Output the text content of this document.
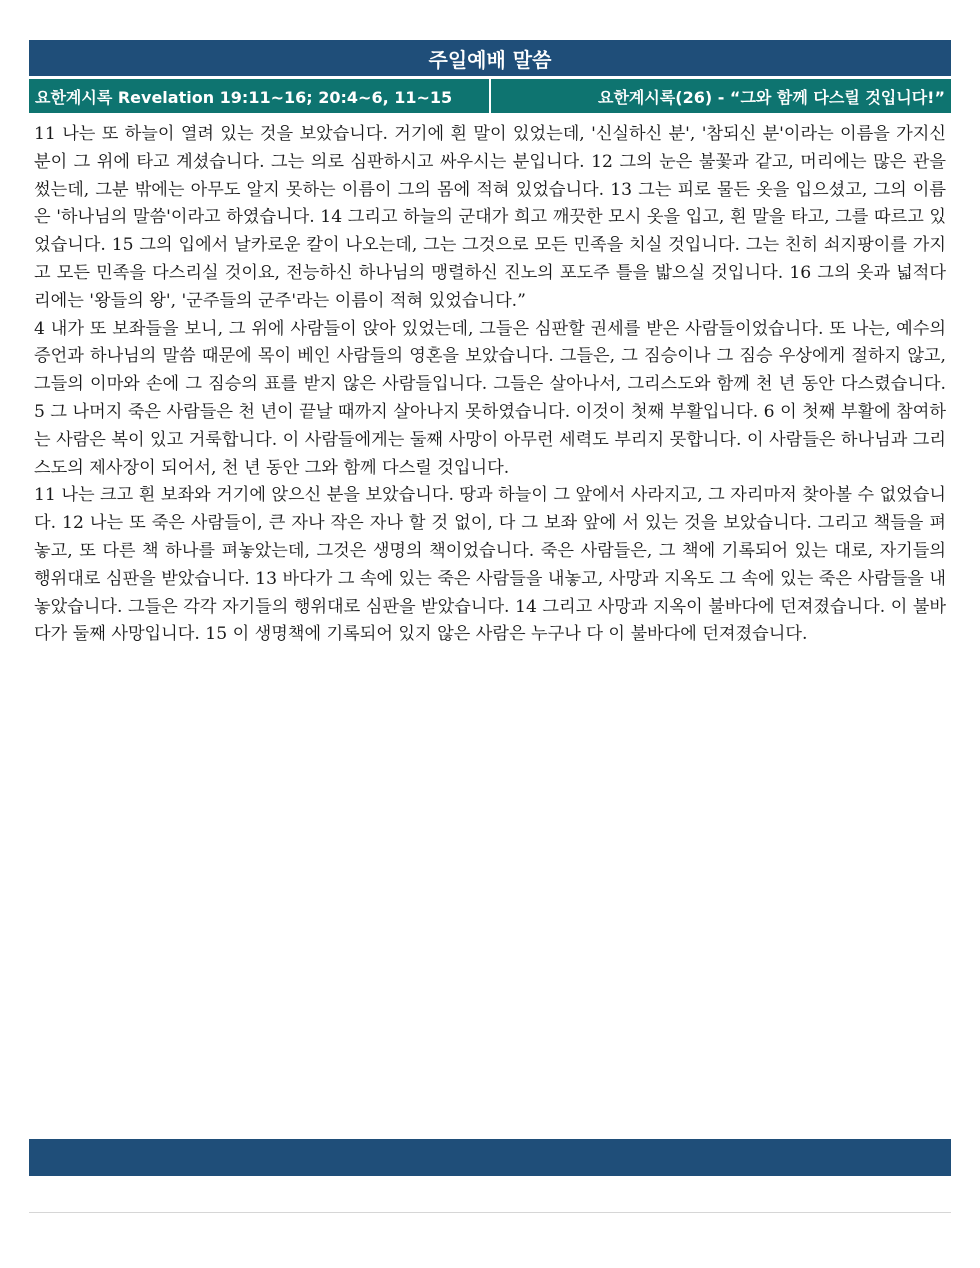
주일예배 말씀
요한계시록 Revelation 19:11~16; 20:4~6, 11~15	요한계시록(26) - “그와 함께 다스릴 것입니다!”

11 나는 또 하늘이 열려 있는 것을 보았습니다. 거기에 흰 말이 있었는데, '신실하신 분', '참되신 분'이라는 이름을 가지신 분이 그 위에 타고 계셨습니다. 그는 의로 심판하시고 싸우시는 분입니다. 12 그의 눈은 불꽃과 같고, 머리에는 많은 관을 썼는데, 그분 밖에는 아무도 알지 못하는 이름이 그의 몸에 적혀 있었습니다. 13 그는 피로 물든 옷을 입으셨고, 그의 이름은 '하나님의 말씀'이라고 하였습니다. 14 그리고 하늘의 군대가 희고 깨끗한 모시 옷을 입고, 흰 말을 타고, 그를 따르고 있었습니다. 15 그의 입에서 날카로운 칼이 나오는데, 그는 그것으로 모든 민족을 치실 것입니다. 그는 친히 쇠지팡이를 가지고 모든 민족을 다스리실 것이요, 전능하신 하나님의 맹렬하신 진노의 포도주 틀을 밟으실 것입니다. 16 그의 옷과 넓적다리에는 '왕들의 왕', '군주들의 군주'라는 이름이 적혀 있었습니다.”

4 내가 또 보좌들을 보니, 그 위에 사람들이 앉아 있었는데, 그들은 심판할 권세를 받은 사람들이었습니다. 또 나는, 예수의 증언과 하나님의 말씀 때문에 목이 베인 사람들의 영혼을 보았습니다. 그들은, 그 짐승이나 그 짐승 우상에게 절하지 않고, 그들의 이마와 손에 그 짐승의 표를 받지 않은 사람들입니다. 그들은 살아나서, 그리스도와 함께 천 년 동안 다스렸습니다. 5 그 나머지 죽은 사람들은 천 년이 끝날 때까지 살아나지 못하였습니다. 이것이 첫째 부활입니다. 6 이 첫째 부활에 참여하는 사람은 복이 있고 거룩합니다. 이 사람들에게는 둘째 사망이 아무런 세력도 부리지 못합니다. 이 사람들은 하나님과 그리스도의 제사장이 되어서, 천 년 동안 그와 함께 다스릴 것입니다.

11 나는 크고 흰 보좌와 거기에 앉으신 분을 보았습니다. 땅과 하늘이 그 앞에서 사라지고, 그 자리마저 찾아볼 수 없었습니다. 12 나는 또 죽은 사람들이, 큰 자나 작은 자나 할 것 없이, 다 그 보좌 앞에 서 있는 것을 보았습니다. 그리고 책들을 펴놓고, 또 다른 책 하나를 펴놓았는데, 그것은 생명의 책이었습니다. 죽은 사람들은, 그 책에 기록되어 있는 대로, 자기들의 행위대로 심판을 받았습니다. 13 바다가 그 속에 있는 죽은 사람들을 내놓고, 사망과 지옥도 그 속에 있는 죽은 사람들을 내놓았습니다. 그들은 각각 자기들의 행위대로 심판을 받았습니다. 14 그리고 사망과 지옥이 불바다에 던져졌습니다. 이 불바다가 둘째 사망입니다. 15 이 생명책에 기록되어 있지 않은 사람은 누구나 다 이 불바다에 던져졌습니다.
